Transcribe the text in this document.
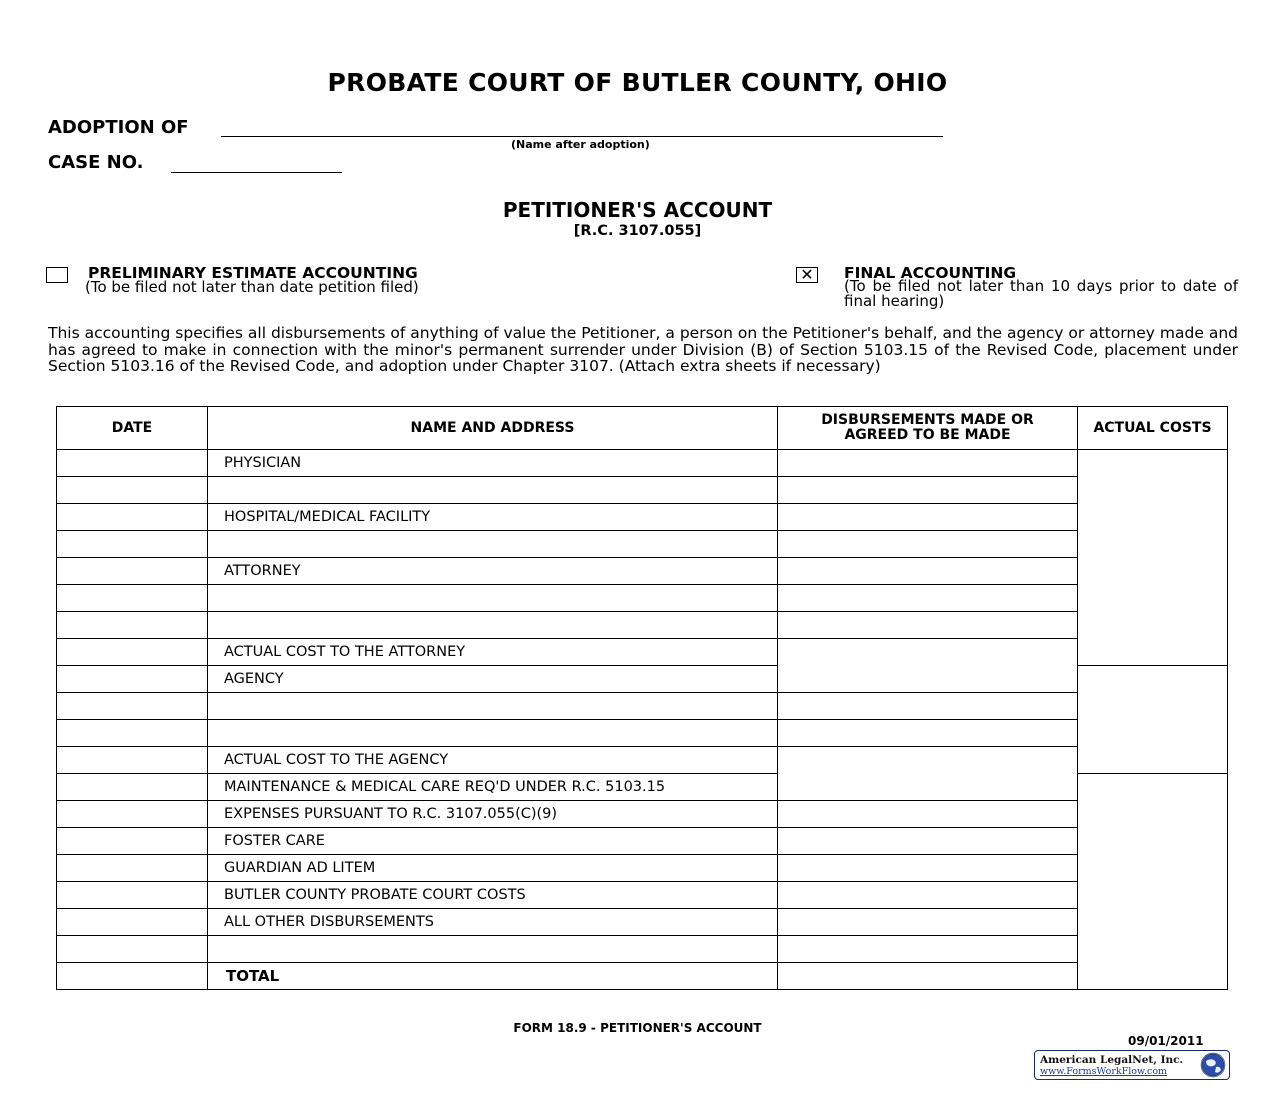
PROBATE COURT OF BUTLER COUNTY, OHIO
ADOPTION OF
(Name after adoption)
CASE NO.
PETITIONER'S ACCOUNT
[R.C. 3107.055]
PRELIMINARY ESTIMATE ACCOUNTING
(To be filed not later than date petition filed)
✕ FINAL ACCOUNTING
(To be filed not later than 10 days prior to date of final hearing)
This accounting specifies all disbursements of anything of value the Petitioner, a person on the Petitioner's behalf, and the agency or attorney made and has agreed to make in connection with the minor's permanent surrender under Division (B) of Section 5103.15 of the Revised Code, placement under Section 5103.16 of the Revised Code, and adoption under Chapter 3107. (Attach extra sheets if necessary)
DATE	NAME AND ADDRESS	DISBURSEMENTS MADE OR AGREED TO BE MADE	ACTUAL COSTS
	PHYSICIAN		

	HOSPITAL/MEDICAL FACILITY		

	ATTORNEY		

	ACTUAL COST TO THE ATTORNEY		
	AGENCY		

	ACTUAL COST TO THE AGENCY		
	MAINTENANCE & MEDICAL CARE REQ'D UNDER R.C. 5103.15		
	EXPENSES PURSUANT TO R.C. 3107.055(C)(9)		
	FOSTER CARE		
	GUARDIAN AD LITEM		
	BUTLER COUNTY PROBATE COURT COSTS		
	ALL OTHER DISBURSEMENTS		

	TOTAL		
FORM 18.9 - PETITIONER'S ACCOUNT
09/01/2011
American LegalNet, Inc.
www.FormsWorkFlow.com
